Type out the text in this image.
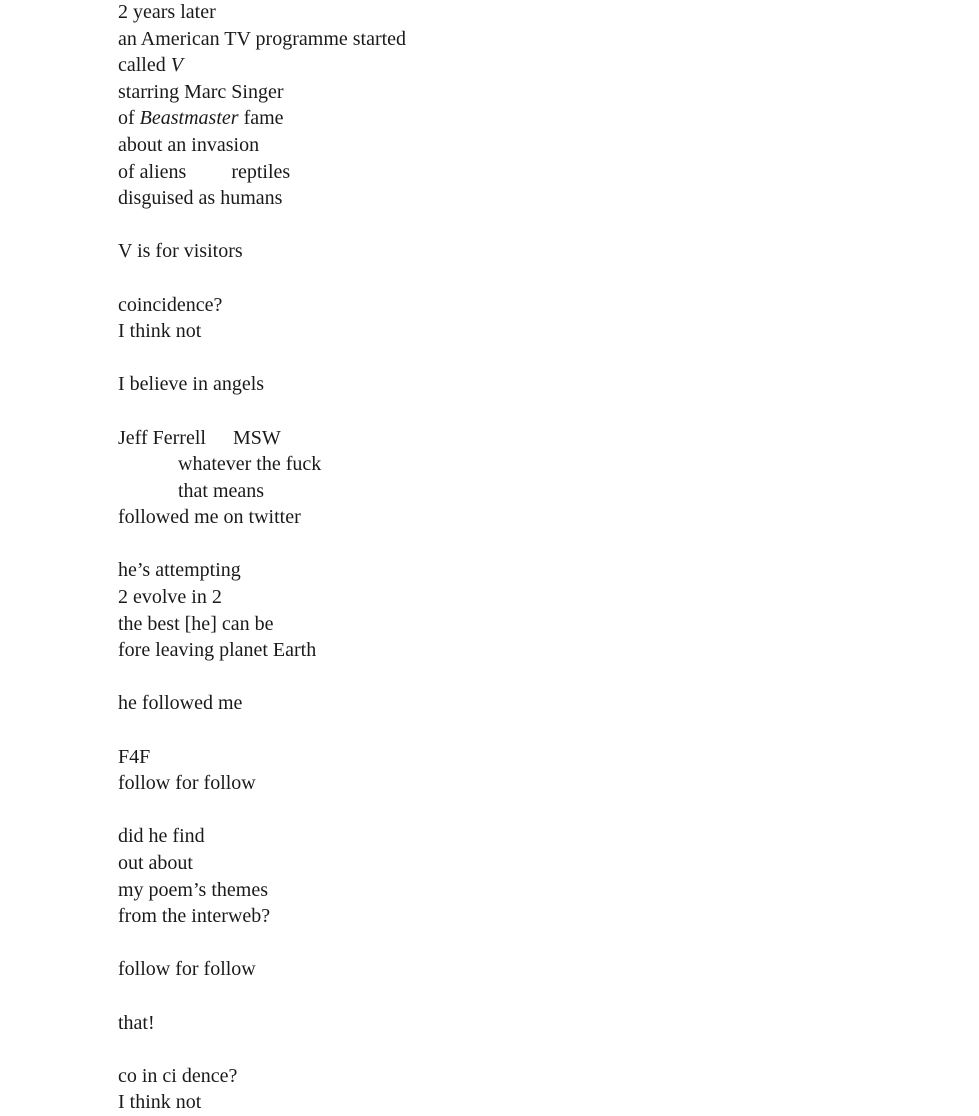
2 years later
an American TV programme started
called V
starring Marc Singer
of Beastmaster fame
about an invasion
of aliens reptiles
disguised as humans
V is for visitors
coincidence?
I think not
I believe in angels
Jeff Ferrell MSW
whatever the fuck
that means
followed me on twitter
he’s attempting
2 evolve in 2
the best [he] can be
fore leaving planet Earth
he followed me
F4F
follow for follow
did he find
out about
my poem’s themes
from the interweb?
follow for follow
that!
co in ci dence?
I think not
